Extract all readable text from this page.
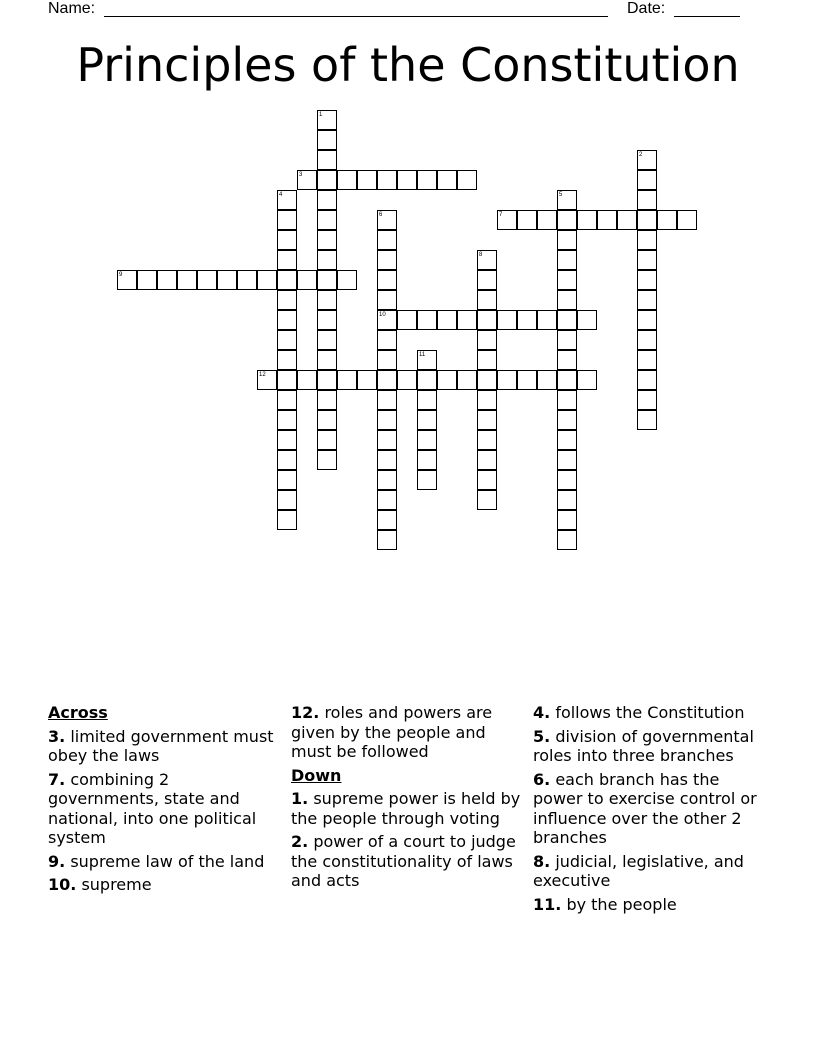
Name:	Date:
Principles of the Constitution
1
2
3
4	5
6	7
8
9
10
11
12
Across
3. limited government must obey the laws
7. combining 2 governments, state and national, into one political system
9. supreme law of the land
10. supreme
12. roles and powers are given by the people and must be followed
Down
1. supreme power is held by the people through voting
2. power of a court to judge the constitutionality of laws and acts
4. follows the Constitution
5. division of governmental roles into three branches
6. each branch has the power to exercise control or influence over the other 2 branches
8. judicial, legislative, and executive
11. by the people
